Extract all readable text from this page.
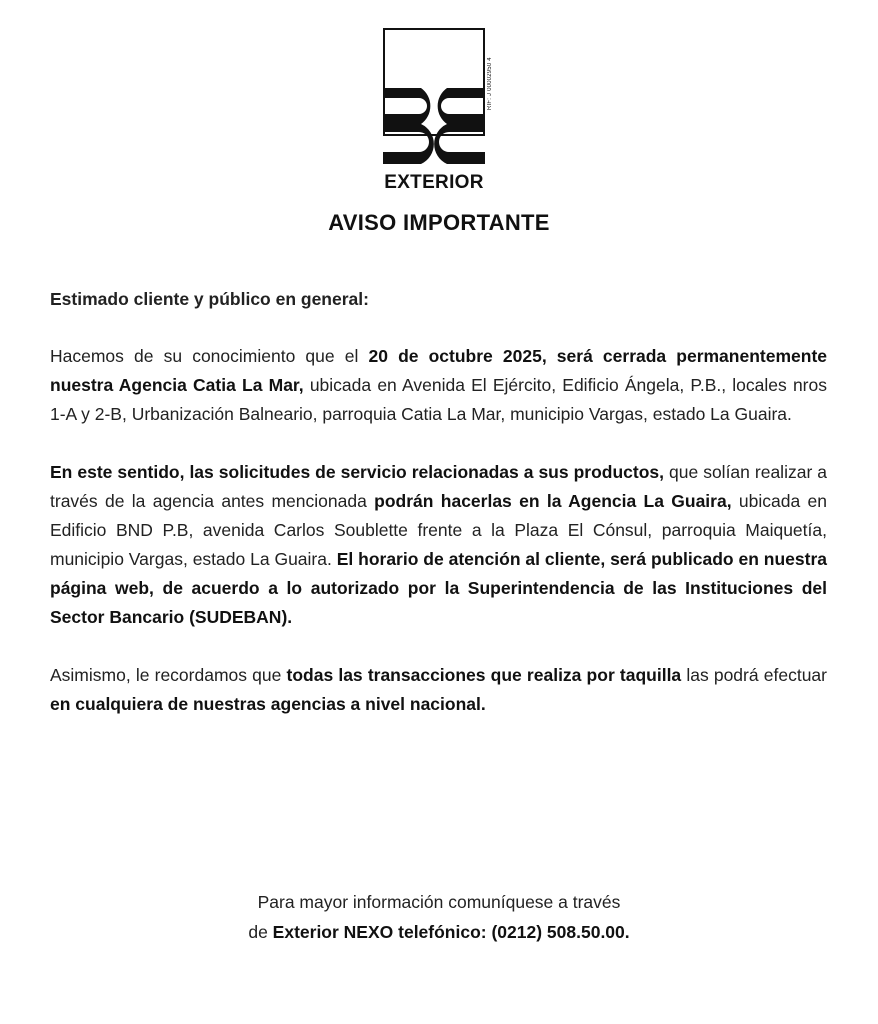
RIF: J 00002950 4
EXTERIOR
AVISO IMPORTANTE

Estimado cliente y público en general:

Hacemos de su conocimiento que el 20 de octubre 2025, será cerrada permanentemente nuestra Agencia Catia La Mar, ubicada en Avenida El Ejército, Edificio Ángela, P.B., locales nros 1-A y 2-B, Urbanización Balneario, parroquia Catia La Mar, municipio Vargas, estado La Guaira.

En este sentido, las solicitudes de servicio relacionadas a sus productos, que solían realizar a través de la agencia antes mencionada podrán hacerlas en la Agencia La Guaira, ubicada en Edificio BND P.B, avenida Carlos Soublette frente a la Plaza El Cónsul, parroquia Maiquetía, municipio Vargas, estado La Guaira. El horario de atención al cliente, será publicado en nuestra página web, de acuerdo a lo autorizado por la Superintendencia de las Instituciones del Sector Bancario (SUDEBAN).

Asimismo, le recordamos que todas las transacciones que realiza por taquilla las podrá efectuar en cualquiera de nuestras agencias a nivel nacional.

Para mayor información comuníquese a través
de Exterior NEXO telefónico: (0212) 508.50.00.
